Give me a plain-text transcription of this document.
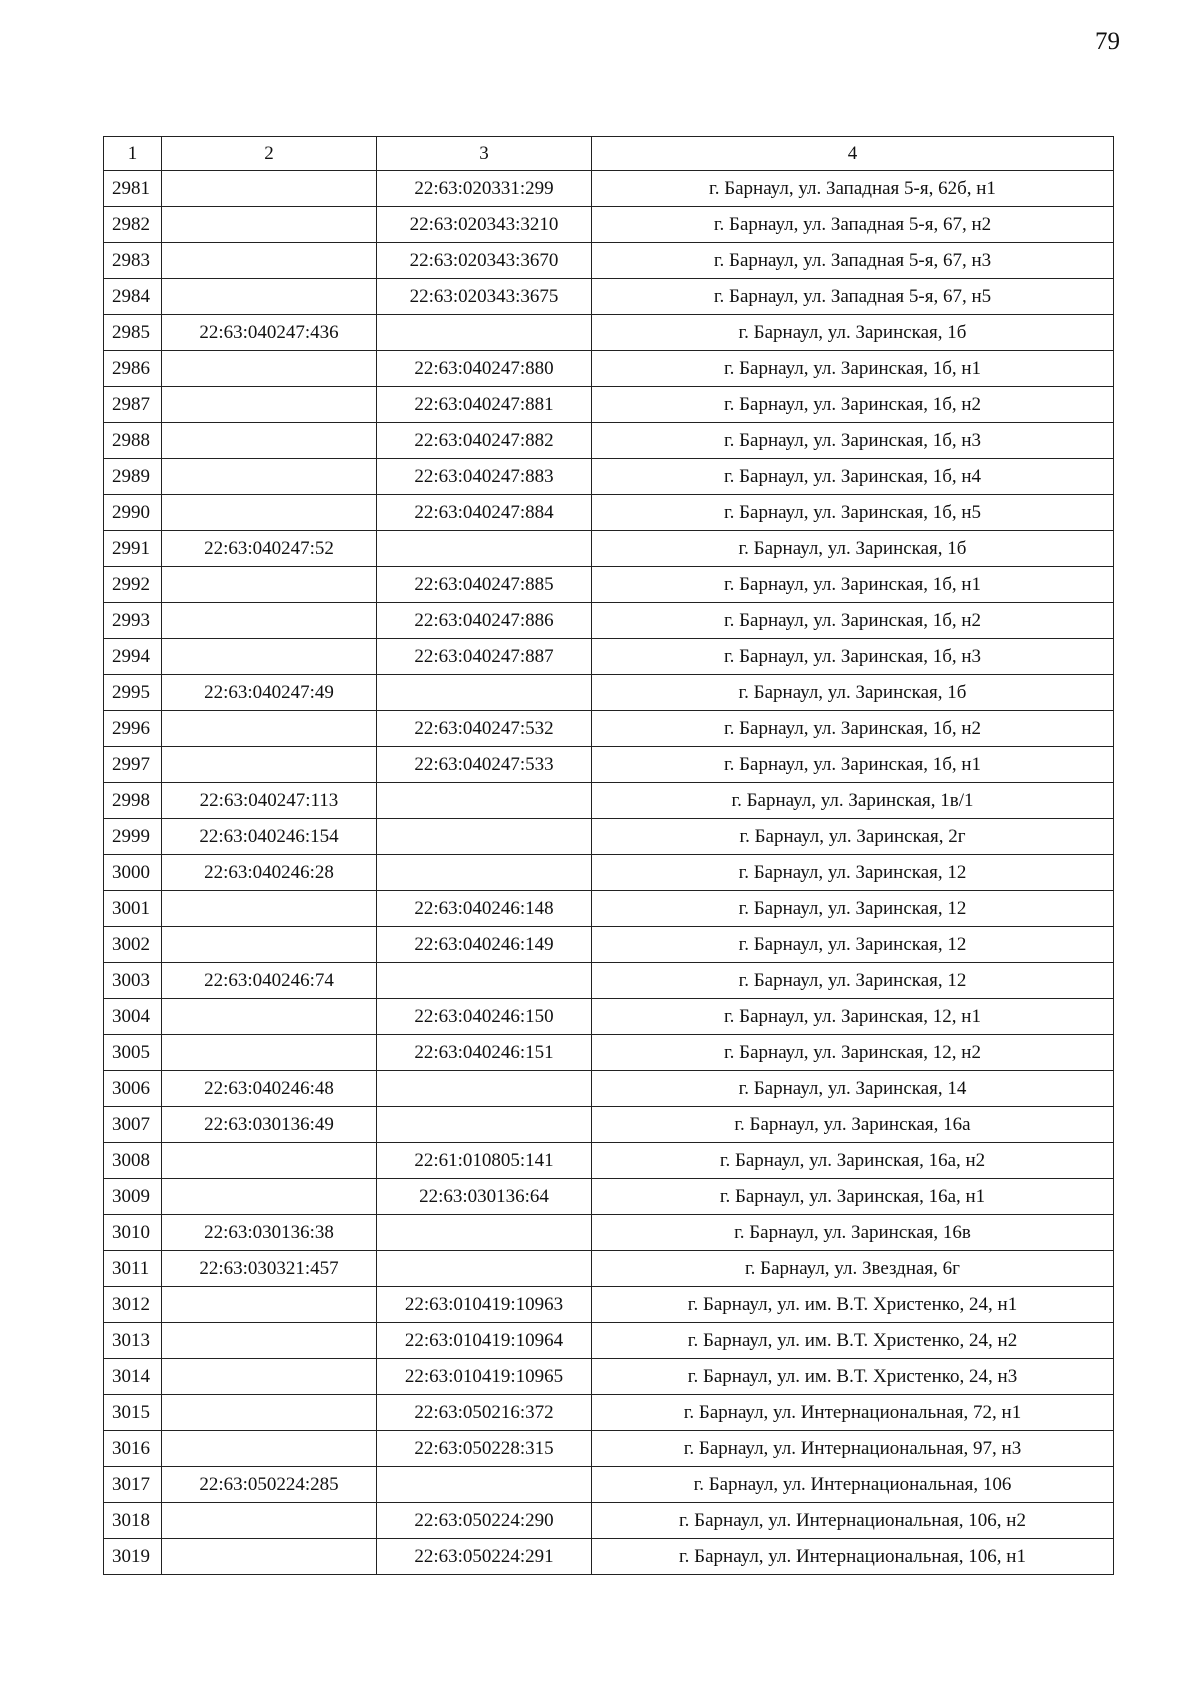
79
1	2	3	4
2981		22:63:020331:299	г. Барнаул, ул. Западная 5-я, 62б, н1
2982		22:63:020343:3210	г. Барнаул, ул. Западная 5-я, 67, н2
2983		22:63:020343:3670	г. Барнаул, ул. Западная 5-я, 67, н3
2984		22:63:020343:3675	г. Барнаул, ул. Западная 5-я, 67, н5
2985	22:63:040247:436		г. Барнаул, ул. Заринская, 1б
2986		22:63:040247:880	г. Барнаул, ул. Заринская, 1б, н1
2987		22:63:040247:881	г. Барнаул, ул. Заринская, 1б, н2
2988		22:63:040247:882	г. Барнаул, ул. Заринская, 1б, н3
2989		22:63:040247:883	г. Барнаул, ул. Заринская, 1б, н4
2990		22:63:040247:884	г. Барнаул, ул. Заринская, 1б, н5
2991	22:63:040247:52		г. Барнаул, ул. Заринская, 1б
2992		22:63:040247:885	г. Барнаул, ул. Заринская, 1б, н1
2993		22:63:040247:886	г. Барнаул, ул. Заринская, 1б, н2
2994		22:63:040247:887	г. Барнаул, ул. Заринская, 1б, н3
2995	22:63:040247:49		г. Барнаул, ул. Заринская, 1б
2996		22:63:040247:532	г. Барнаул, ул. Заринская, 1б, н2
2997		22:63:040247:533	г. Барнаул, ул. Заринская, 1б, н1
2998	22:63:040247:113		г. Барнаул, ул. Заринская, 1в/1
2999	22:63:040246:154		г. Барнаул, ул. Заринская, 2г
3000	22:63:040246:28		г. Барнаул, ул. Заринская, 12
3001		22:63:040246:148	г. Барнаул, ул. Заринская, 12
3002		22:63:040246:149	г. Барнаул, ул. Заринская, 12
3003	22:63:040246:74		г. Барнаул, ул. Заринская, 12
3004		22:63:040246:150	г. Барнаул, ул. Заринская, 12, н1
3005		22:63:040246:151	г. Барнаул, ул. Заринская, 12, н2
3006	22:63:040246:48		г. Барнаул, ул. Заринская, 14
3007	22:63:030136:49		г. Барнаул, ул. Заринская, 16а
3008		22:61:010805:141	г. Барнаул, ул. Заринская, 16а, н2
3009		22:63:030136:64	г. Барнаул, ул. Заринская, 16а, н1
3010	22:63:030136:38		г. Барнаул, ул. Заринская, 16в
3011	22:63:030321:457		г. Барнаул, ул. Звездная, 6г
3012		22:63:010419:10963	г. Барнаул, ул. им. В.Т. Христенко, 24, н1
3013		22:63:010419:10964	г. Барнаул, ул. им. В.Т. Христенко, 24, н2
3014		22:63:010419:10965	г. Барнаул, ул. им. В.Т. Христенко, 24, н3
3015		22:63:050216:372	г. Барнаул, ул. Интернациональная, 72, н1
3016		22:63:050228:315	г. Барнаул, ул. Интернациональная, 97, н3
3017	22:63:050224:285		г. Барнаул, ул. Интернациональная, 106
3018		22:63:050224:290	г. Барнаул, ул. Интернациональная, 106, н2
3019		22:63:050224:291	г. Барнаул, ул. Интернациональная, 106, н1
